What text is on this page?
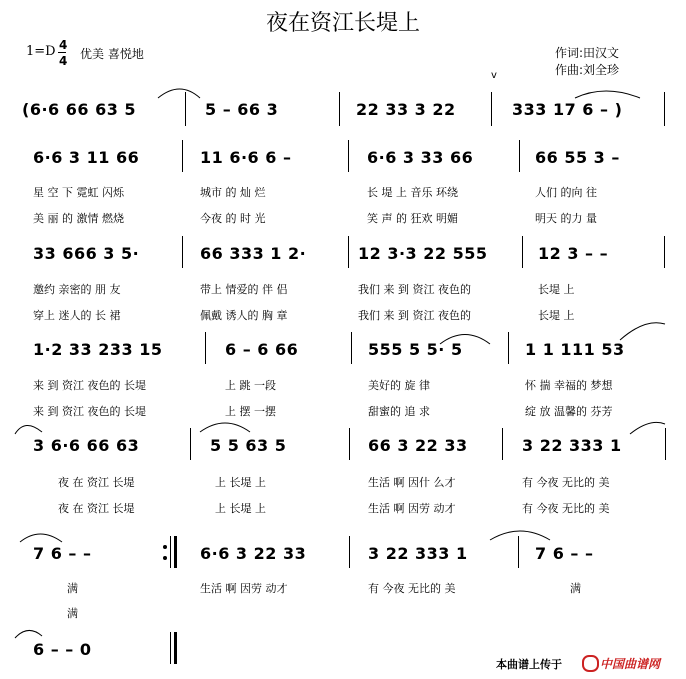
夜在资江长堤上
1=D 4
4 优美 喜悦地	作词:田汉文
作曲:刘全珍
v
(6·6 66 63 5	5 – 66 3	22 33 3 22	333 17 6 – )
6·6 3 11 66	11 6·6 6 –	6·6 3 33 66	66 55 3 –
星 空 下 霓虹 闪烁	城市 的 灿 烂	长 堤 上 音乐 环绕	人们 的向 往
美 丽 的 激情 燃烧	今夜 的 时 光	笑 声 的 狂欢 明媚	明天 的力 量
33 666 3 5·	66 333 1 2·	12 3·3 22 555	12 3 – –
邀约 亲密的 朋 友	带上 情爱的 伴 侣	我们 来 到 资江 夜色的	长堤 上
穿上 迷人的 长 裙	佩戴 诱人的 胸 章	我们 来 到 资江 夜色的	长堤 上
1·2 33 233 15	6 – 6 66	555 5 5· 5	1 1 111 53
来 到 资江 夜色的 长堤	上 跳 一段	美好的 旋 律	怀 揣 幸福的 梦想
来 到 资江 夜色的 长堤	上 摆 一摆	甜蜜的 追 求	绽 放 温馨的 芬芳
3 6·6 66 63	5 5 63 5	66 3 22 33	3 22 333 1
夜 在 资江 长堤	上 长堤 上	生活 啊 因什 么才	有 今夜 无比的 美
夜 在 资江 长堤	上 长堤 上	生活 啊 因劳 动才	有 今夜 无比的 美
7 6 – –	6·6 3 22 33	3 22 333 1	7 6 – –
满	生活 啊 因劳 动才	有 今夜 无比的 美	满
满
6 – – 0
本曲谱上传于	中国曲谱网
